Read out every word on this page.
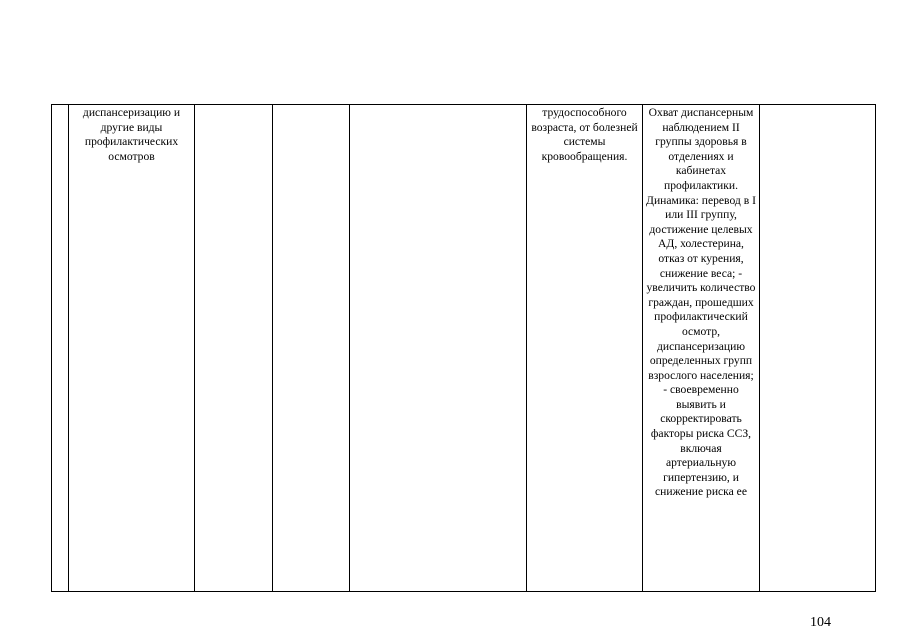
	диспансеризацию и другие виды профилактических осмотров				трудоспособного возраста, от болезней системы кровообращения.	Охват диспансерным наблюдением II группы здоровья в отделениях и кабинетах профилактики. Динамика: перевод в I или III группу, достижение целевых АД, холестерина, отказ от курения, снижение веса; - увеличить количество граждан, прошедших профилактический осмотр, диспансеризацию определенных групп взрослого населения; - своевременно выявить и скорректировать факторы риска ССЗ, включая артериальную гипертензию, и снижение риска ее	
104
